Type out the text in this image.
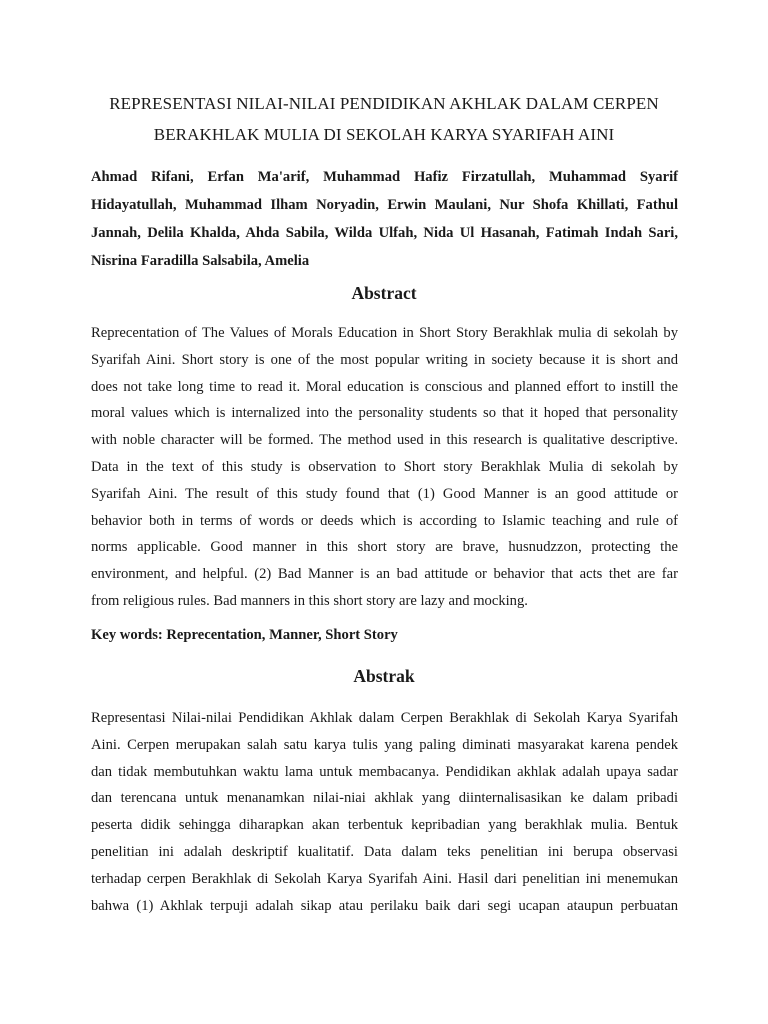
REPRESENTASI NILAI-NILAI PENDIDIKAN AKHLAK DALAM CERPEN
BERAKHLAK MULIA DI SEKOLAH KARYA SYARIFAH AINI
Ahmad Rifani, Erfan Ma'arif, Muhammad Hafiz Firzatullah, Muhammad Syarif
Hidayatullah, Muhammad Ilham Noryadin, Erwin Maulani, Nur Shofa Khillati, Fathul
Jannah, Delila Khalda, Ahda Sabila, Wilda Ulfah, Nida Ul Hasanah, Fatimah Indah Sari,
Nisrina Faradilla Salsabila, Amelia
Abstract
Reprecentation of The Values of Morals Education in Short Story Berakhlak mulia di sekolah by
Syarifah Aini. Short story is one of the most popular writing in society because it is short and
does not take long time to read it. Moral education is conscious and planned effort to instill the
moral values which is internalized into the personality students so that it hoped that personality
with noble character will be formed. The method used in this research is qualitative descriptive.
Data in the text of this study is observation to Short story Berakhlak Mulia di sekolah by
Syarifah Aini. The result of this study found that (1) Good Manner is an good attitude or
behavior both in terms of words or deeds which is according to Islamic teaching and rule of
norms applicable. Good manner in this short story are brave, husnudzzon, protecting the
environment, and helpful. (2) Bad Manner is an bad attitude or behavior that acts thet are far
from religious rules. Bad manners in this short story are lazy and mocking.
Key words: Reprecentation, Manner, Short Story
Abstrak
Representasi Nilai-nilai Pendidikan Akhlak dalam Cerpen Berakhlak di Sekolah Karya Syarifah
Aini. Cerpen merupakan salah satu karya tulis yang paling diminati masyarakat karena pendek
dan tidak membutuhkan waktu lama untuk membacanya. Pendidikan akhlak adalah upaya sadar
dan terencana untuk menanamkan nilai-niai akhlak yang diinternalisasikan ke dalam pribadi
peserta didik sehingga diharapkan akan terbentuk kepribadian yang berakhlak mulia. Bentuk
penelitian ini adalah deskriptif kualitatif. Data dalam teks penelitian ini berupa observasi
terhadap cerpen Berakhlak di Sekolah Karya Syarifah Aini. Hasil dari penelitian ini menemukan
bahwa (1) Akhlak terpuji adalah sikap atau perilaku baik dari segi ucapan ataupun perbuatan
